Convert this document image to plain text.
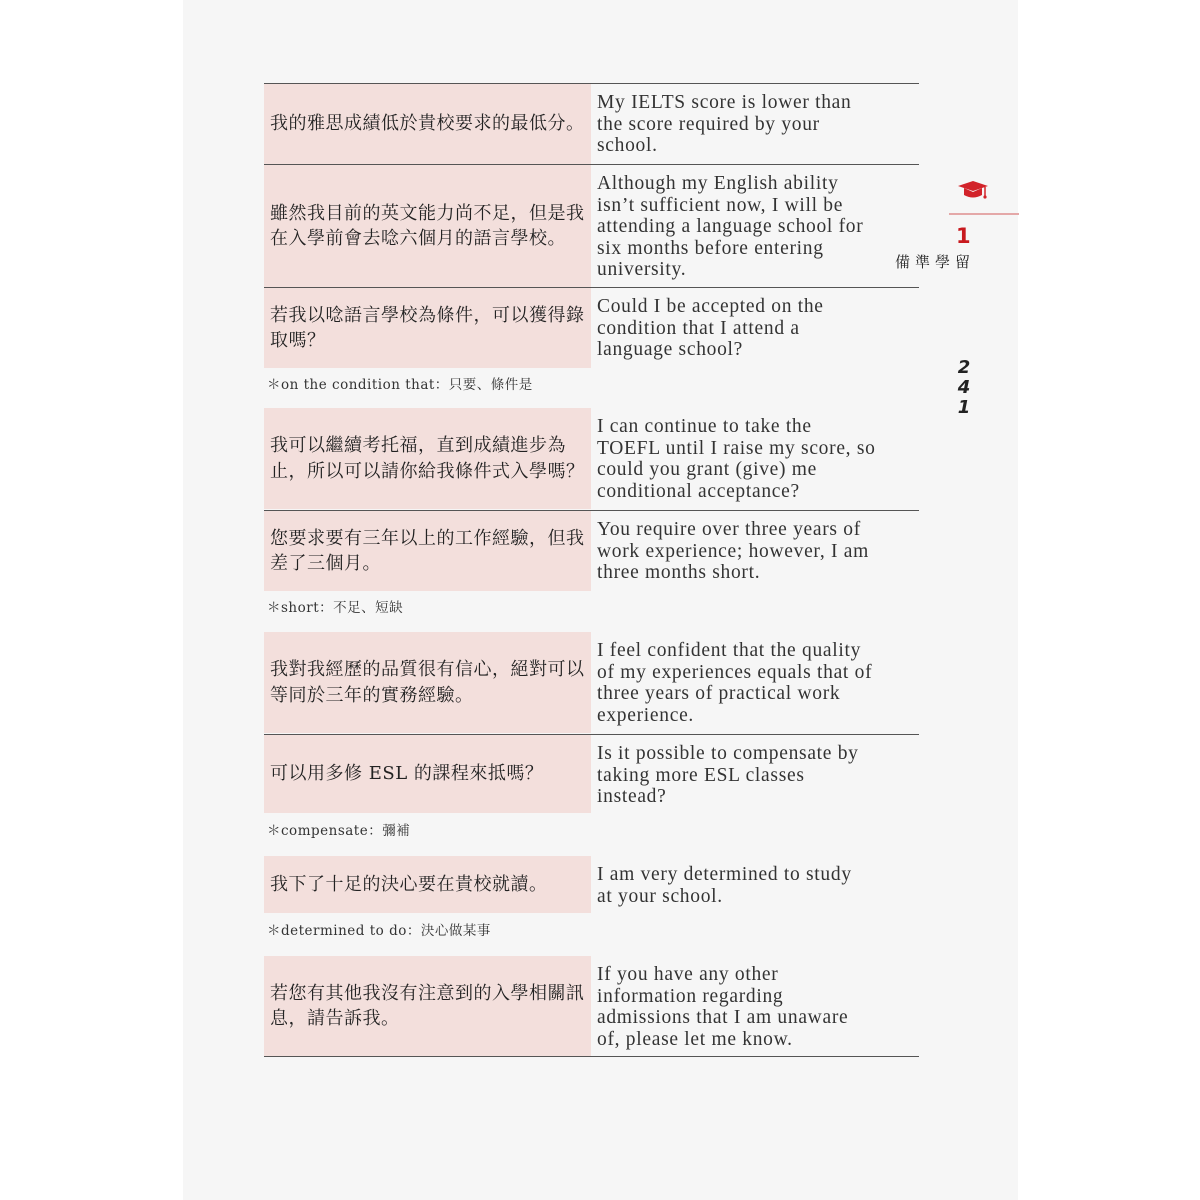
我的雅思成績低於貴校要求的最低分。
My IELTS score is lower than
the score required by your
school.
雖然我目前的英文能力尚不足，但是我在入學前會去唸六個月的語言學校。
Although my English ability
isn’t sufficient now, I will be
attending a language school for
six months before entering
university.
若我以唸語言學校為條件，可以獲得錄取嗎？
Could I be accepted on the
condition that I attend a
language school?
我可以繼續考托福，直到成績進步為止，所以可以請你給我條件式入學嗎？
I can continue to take the
TOEFL until I raise my score, so
could you grant (give) me
conditional acceptance?
您要求要有三年以上的工作經驗，但我差了三個月。
You require over three years of
work experience; however, I am
three months short.
我對我經歷的品質很有信心，絕對可以等同於三年的實務經驗。
I feel confident that the quality
of my experiences equals that of
three years of practical work
experience.
可以用多修 ESL 的課程來抵嗎？
Is it possible to compensate by
taking more ESL classes
instead?
我下了十足的決心要在貴校就讀。	I am very determined to study
at your school.
若您有其他我沒有注意到的入學相關訊息，請告訴我。
If you have any other
information regarding
admissions that I am unaware
of, please let me know.
＊on the condition that：只要、條件是
＊short：不足、短缺
＊compensate：彌補
＊determined to do：決心做某事
1
留學準備
2
4
1
